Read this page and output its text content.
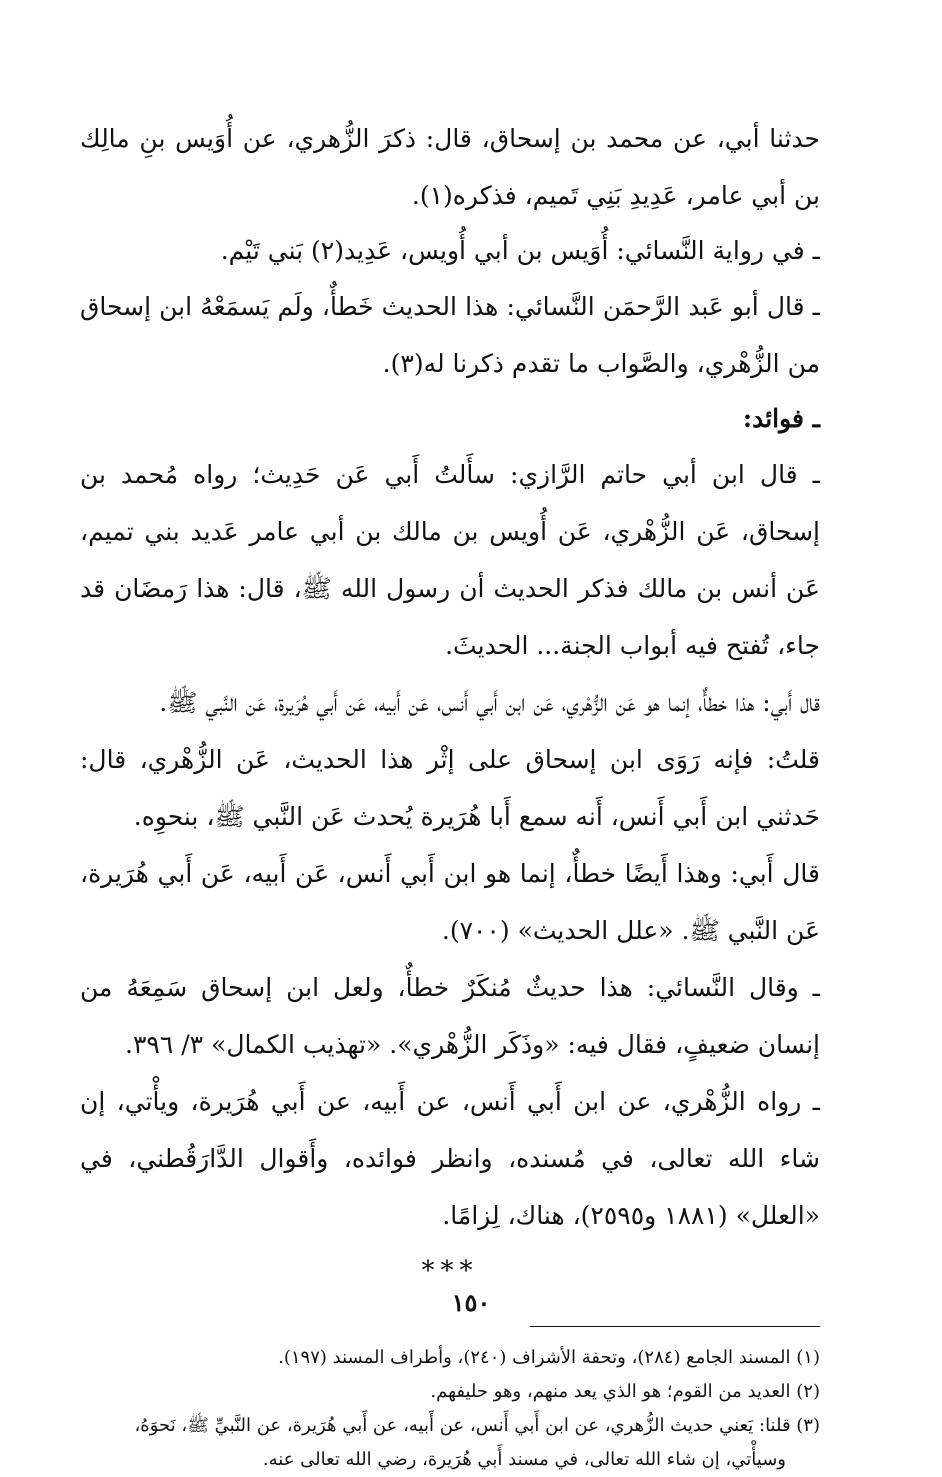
حدثنا أبي، عن محمد بن إسحاق، قال: ذكرَ الزُّهري، عن أُوَيس بنِ مالِك بن أبي عامر، عَدِيدِ بَنِي تَميم، فذكره(١).

ـ في رواية النَّسائي: أُوَيس بن أبي أُويس، عَدِيد(٢) بَني تَيْم.

ـ قال أبو عَبد الرَّحمَن النَّسائي: هذا الحديث خَطأٌ، ولَم يَسمَعْهُ ابن إسحاق من الزُّهْري، والصَّواب ما تقدم ذكرنا له(٣).

ـ فوائد:

ـ قال ابن أبي حاتم الرَّازي: سأَلتُ أَبي عَن حَدِيث؛ رواه مُحمد بن إسحاق، عَن الزُّهْري، عَن أُويس بن مالك بن أبي عامر عَديد بني تميم، عَن أنس بن مالك فذكر الحديث أن رسول الله ﷺ، قال: هذا رَمضَان قد جاء، تُفتح فيه أبواب الجنة... الحديثَ.

قال أَبي: هذا خطأٌ، إنما هو عَن الزُّهْري، عَن ابن أَبي أَنس، عَن أَبيه، عَن أَبي هُرَيرة، عَن النَّبي ﷺ.

قلتُ: فإنه رَوَى ابن إسحاق على إثْر هذا الحديث، عَن الزُّهْري، قال: حَدثني ابن أَبي أَنس، أَنه سمع أَبا هُرَيرة يُحدث عَن النَّبي ﷺ، بنحوِه.

قال أَبي: وهذا أَيضًا خطأٌ، إنما هو ابن أَبي أَنس، عَن أَبيه، عَن أَبي هُرَيرة، عَن النَّبي ﷺ. «علل الحديث» (٧٠٠).

ـ وقال النَّسائي: هذا حديثٌ مُنكَرٌ خطأٌ، ولعل ابن إسحاق سَمِعَهُ من إنسان ضعيفٍ، فقال فيه: «وذَكَر الزُّهْري». «تهذيب الكمال» ٣/ ٣٩٦.

ـ رواه الزُّهْري، عن ابن أَبي أَنس، عن أَبيه، عن أَبي هُرَيرة، ويأْتي، إن شاء الله تعالى، في مُسنده، وانظر فوائده، وأَقوال الدَّارَقُطني، في «العلل» (١٨٨١ و٢٥٩٥)، هناك، لِزامًا.

***

(١) المسند الجامع (٢٨٤)، وتحفة الأشراف (٢٤٠)، وأطراف المسند (١٩٧).

(٢) العديد من القوم؛ هو الذي يعد منهم، وهو حليفهم.

(٣) قلنا: يَعني حديث الزُّهري، عن ابن أَبي أَنس، عن أَبيه، عن أَبي هُرَيرة، عن النَّبيِّ ﷺ، نَحوَهُ،

وسيأْتي، إن شاء الله تعالى، في مسند أَبي هُرَيرة، رضي الله تعالى عنه.

١٥٠
